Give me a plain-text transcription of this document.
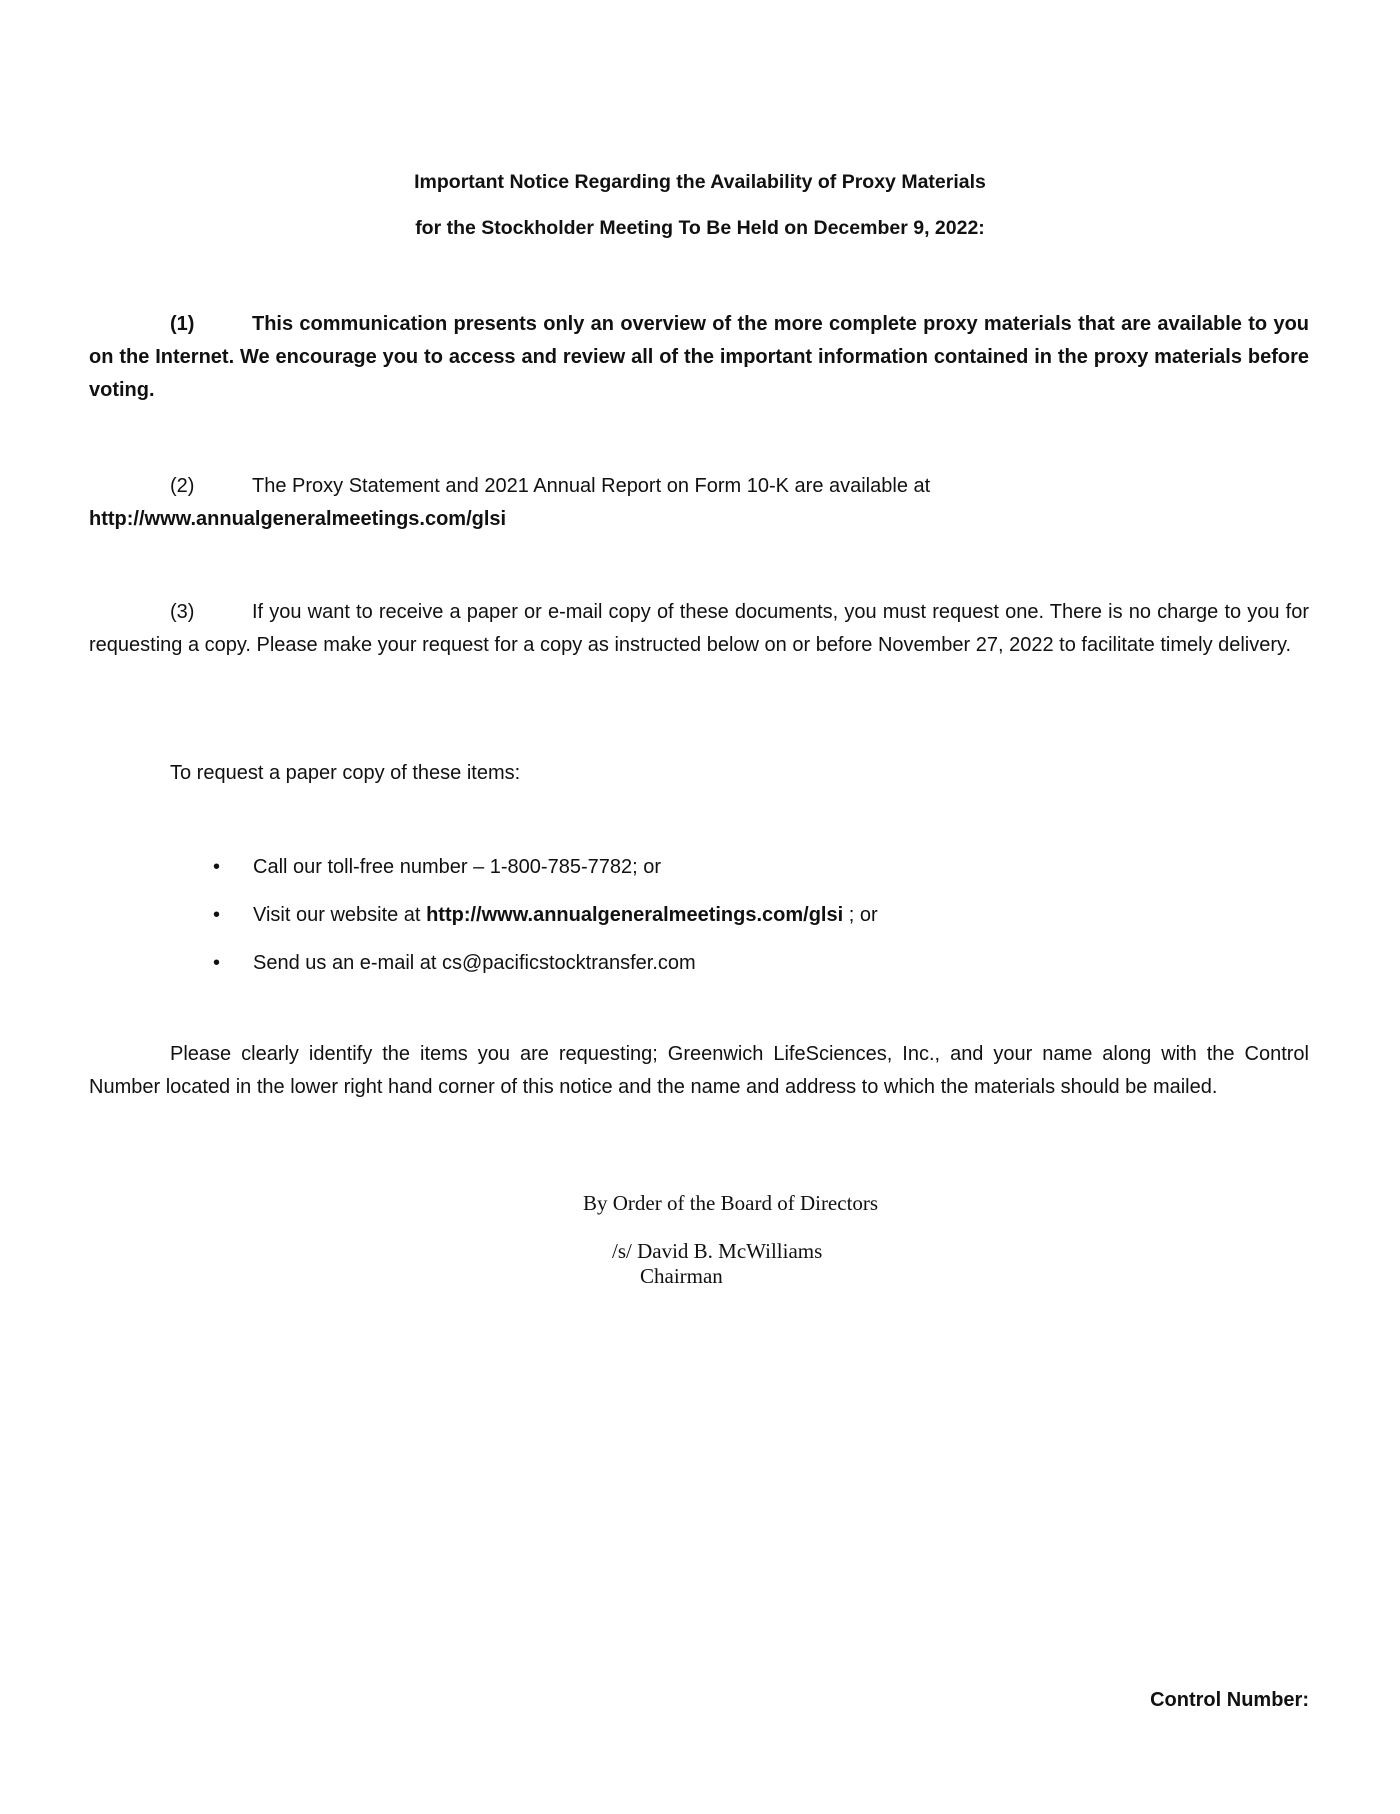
Important Notice Regarding the Availability of Proxy Materials
for the Stockholder Meeting To Be Held on December 9, 2022:
(1)	This communication presents only an overview of the more complete proxy materials that are available to you on the Internet. We encourage you to access and review all of the important information contained in the proxy materials before voting.
(2)	The Proxy Statement and 2021 Annual Report on Form 10-K are available at
http://www.annualgeneralmeetings.com/glsi
(3)	If you want to receive a paper or e-mail copy of these documents, you must request one. There is no charge to you for requesting a copy. Please make your request for a copy as instructed below on or before November 27, 2022 to facilitate timely delivery.
To request a paper copy of these items:
• Call our toll-free number – 1-800-785-7782; or
• Visit our website at http://www.annualgeneralmeetings.com/glsi ; or
• Send us an e-mail at cs@pacificstocktransfer.com
Please clearly identify the items you are requesting; Greenwich LifeSciences, Inc., and your name along with the Control Number located in the lower right hand corner of this notice and the name and address to which the materials should be mailed.
By Order of the Board of Directors
/s/ David B. McWilliams
Chairman
Control Number:
